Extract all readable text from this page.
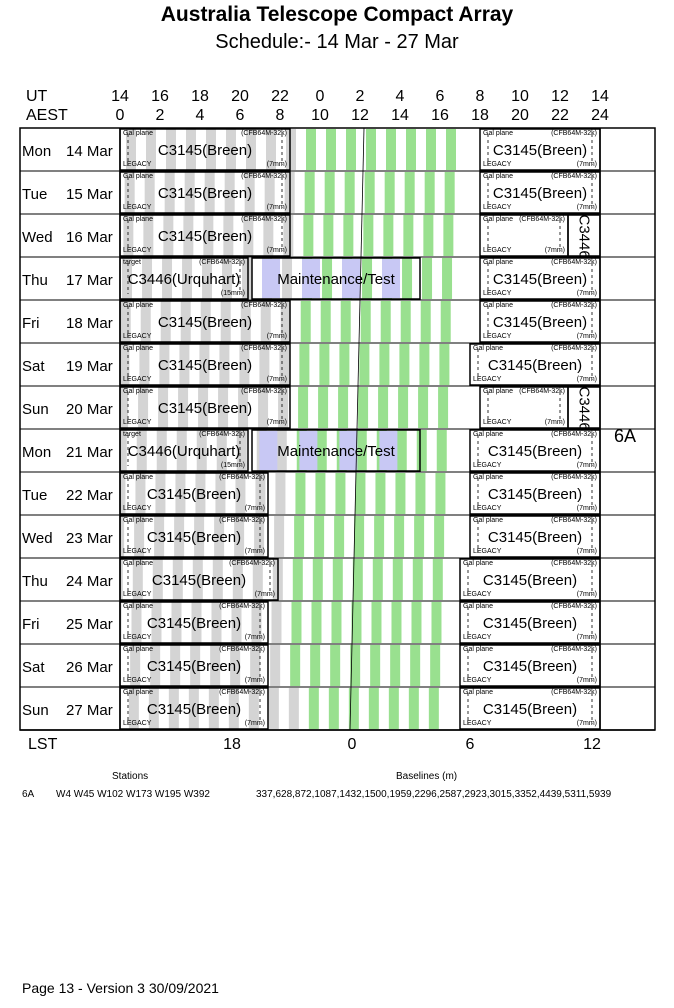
Australia Telescope Compact Array
Schedule:- 14 Mar - 27 Mar
UT
AEST
14	16	18	20	22	0	2	4	6	8	10	12	14
0	2	4	6	8	10	12	14	16	18	20	22	24
Mon 14 Mar
Gal plane	(CFB64M-32k)
LEGACY	(7mm)
C3145(Breen)
Gal plane	(CFB64M-32k)
LEGACY	(7mm)
C3145(Breen)
Tue 15 Mar
Gal plane	(CFB64M-32k)
LEGACY	(7mm)
C3145(Breen)
Gal plane	(CFB64M-32k)
LEGACY	(7mm)
C3145(Breen)
Wed 16 Mar
Gal plane	(CFB64M-32k)
LEGACY	(7mm)
C3145(Breen)
Gal plane (CFB64M-32k)
LEGACY	(7mm) C3446
Thu 17 Mar
target	(CFB64M-32k)
(15mm)
C3446(Urquhart)	Maintenance/Test
Gal plane	(CFB64M-32k)
LEGACY	(7mm)
C3145(Breen)
Fri 18 Mar
Gal plane	(CFB64M-32k)
LEGACY	(7mm)
C3145(Breen)
Gal plane	(CFB64M-32k)
LEGACY	(7mm)
C3145(Breen)
Sat 19 Mar
Gal plane	(CFB64M-32k)
LEGACY	(7mm)
C3145(Breen)
Gal plane	(CFB64M-32k)
LEGACY	(7mm)
C3145(Breen)
Sun 20 Mar
Gal plane	(CFB64M-32k)
LEGACY	(7mm)
C3145(Breen)
Gal plane (CFB64M-32k)
LEGACY	(7mm) C3446
Mon 21 Mar
target	(CFB64M-32k)
(15mm)
C3446(Urquhart)	Maintenance/Test
Gal plane	(CFB64M-32k)
LEGACY	(7mm)
C3145(Breen)
Tue 22 Mar
Gal plane	(CFB64M-32k)
LEGACY	(7mm)
C3145(Breen)
Gal plane	(CFB64M-32k)
LEGACY	(7mm)
C3145(Breen)
Wed 23 Mar
Gal plane	(CFB64M-32k)
LEGACY	(7mm)
C3145(Breen)
Gal plane	(CFB64M-32k)
LEGACY	(7mm)
C3145(Breen)
Thu 24 Mar
Gal plane	(CFB64M-32k)
LEGACY	(7mm)
C3145(Breen)
Gal plane	(CFB64M-32k)
LEGACY	(7mm)
C3145(Breen)
Fri 25 Mar
Gal plane	(CFB64M-32k)
LEGACY	(7mm)
C3145(Breen)
Gal plane	(CFB64M-32k)
LEGACY	(7mm)
C3145(Breen)
Sat 26 Mar
Gal plane	(CFB64M-32k)
LEGACY	(7mm)
C3145(Breen)
Gal plane	(CFB64M-32k)
LEGACY	(7mm)
C3145(Breen)
Sun 27 Mar
Gal plane	(CFB64M-32k)
LEGACY	(7mm)
C3145(Breen)
Gal plane	(CFB64M-32k)
LEGACY	(7mm)
C3145(Breen)
6A
LST	18	0	6	12
Stations	Baselines (m)
6A W4 W45 W102 W173 W195 W392	337,628,872,1087,1432,1500,1959,2296,2587,2923,3015,3352,4439,5311,5939
Page 13 - Version 3 30/09/2021
